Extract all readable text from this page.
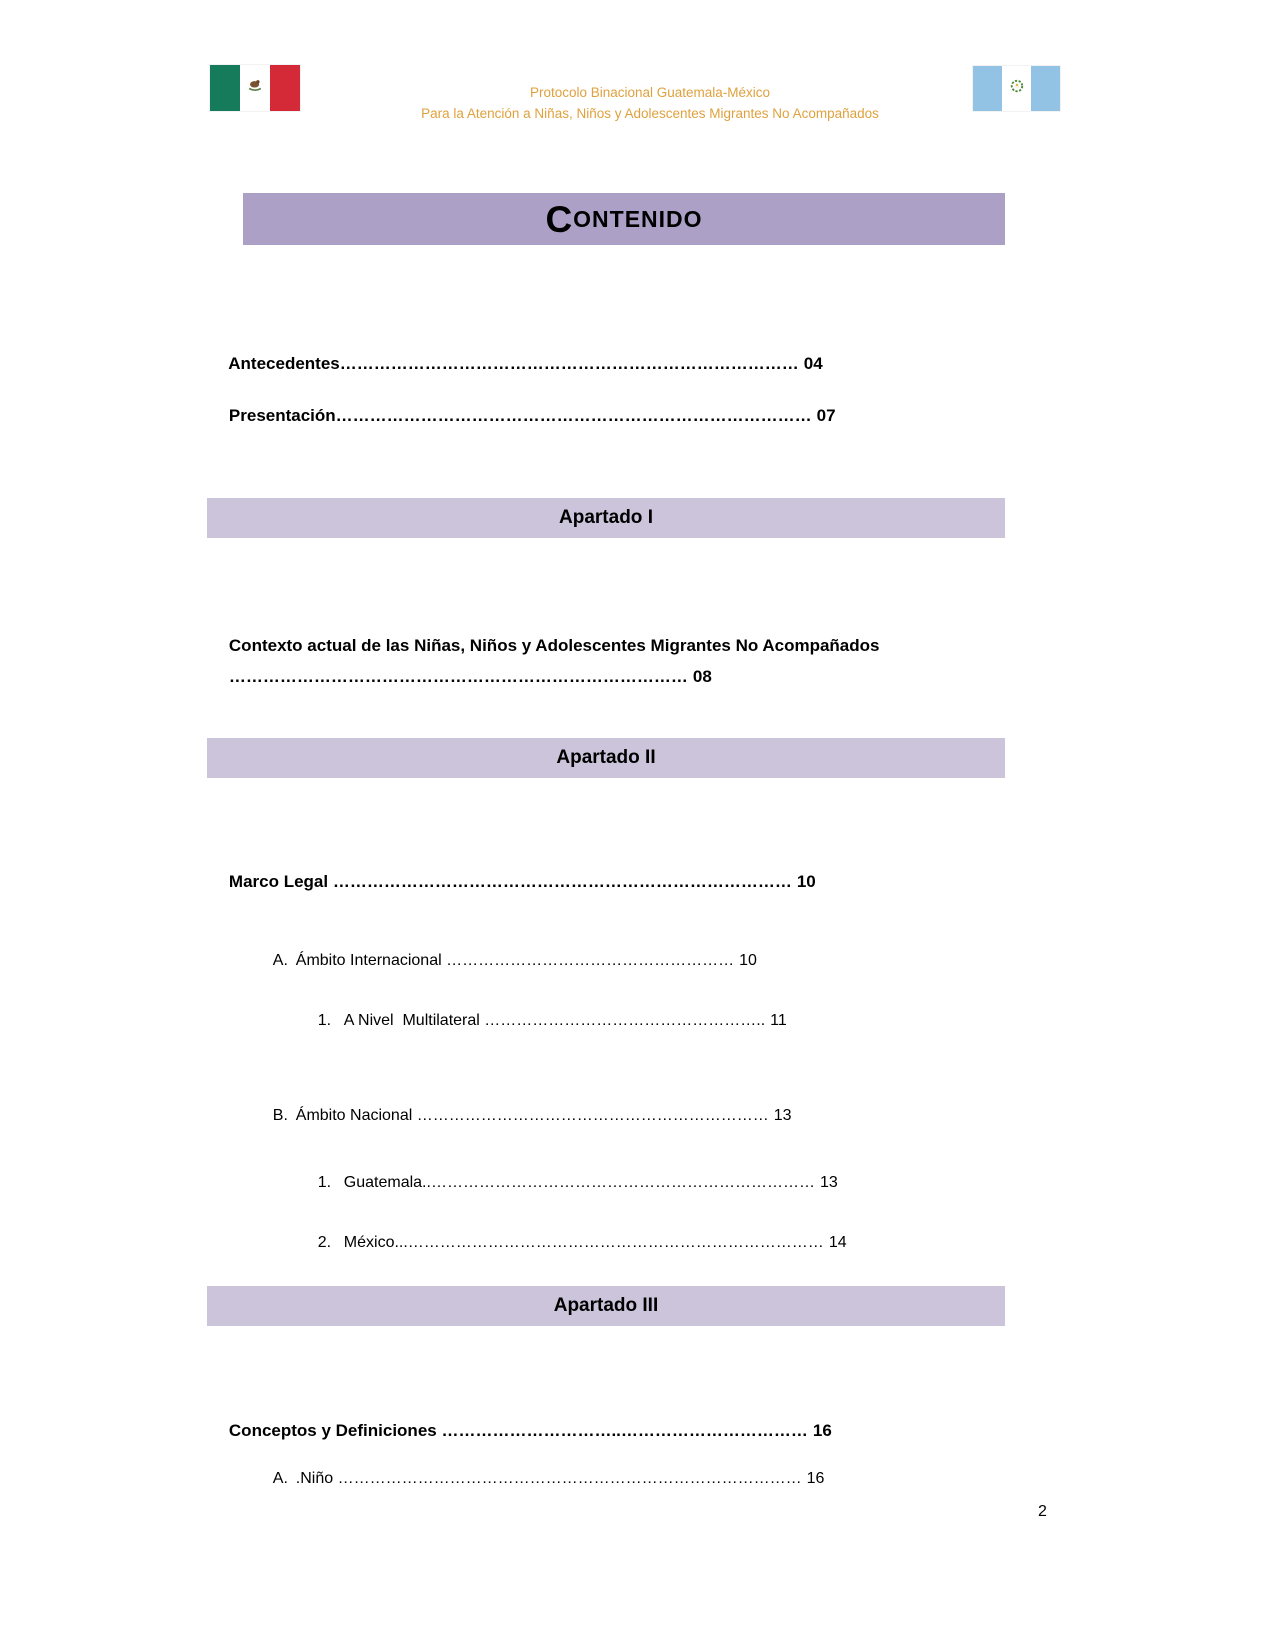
Protocolo Binacional Guatemala-México
Para la Atención a Niñas, Niños y Adolescentes Migrantes No Acompañados
C ONTENIDO

Antecedentes……………………………………………………………………… 04

Presentación………………………………………………………………………… 07

Apartado I

Contexto actual de las Niñas, Niños y Adolescentes Migrantes No Acompañados

……………………………………………………………………… 08

Apartado II

Marco Legal ……………………………………………………………………… 10

A. Ámbito Internacional ……………………………………………… 10

1. A Nivel  Multilateral …………………………………………….. 11

B. Ámbito Nacional ………………………………………………………… 13

1. Guatemala..……………………………………………………………… 13

2. México...…………………………………………………………………… 14

Apartado III

Conceptos y Definiciones …………………………..…………………………… 16

A. .Niño …………………………………………………………………………… 16

2
